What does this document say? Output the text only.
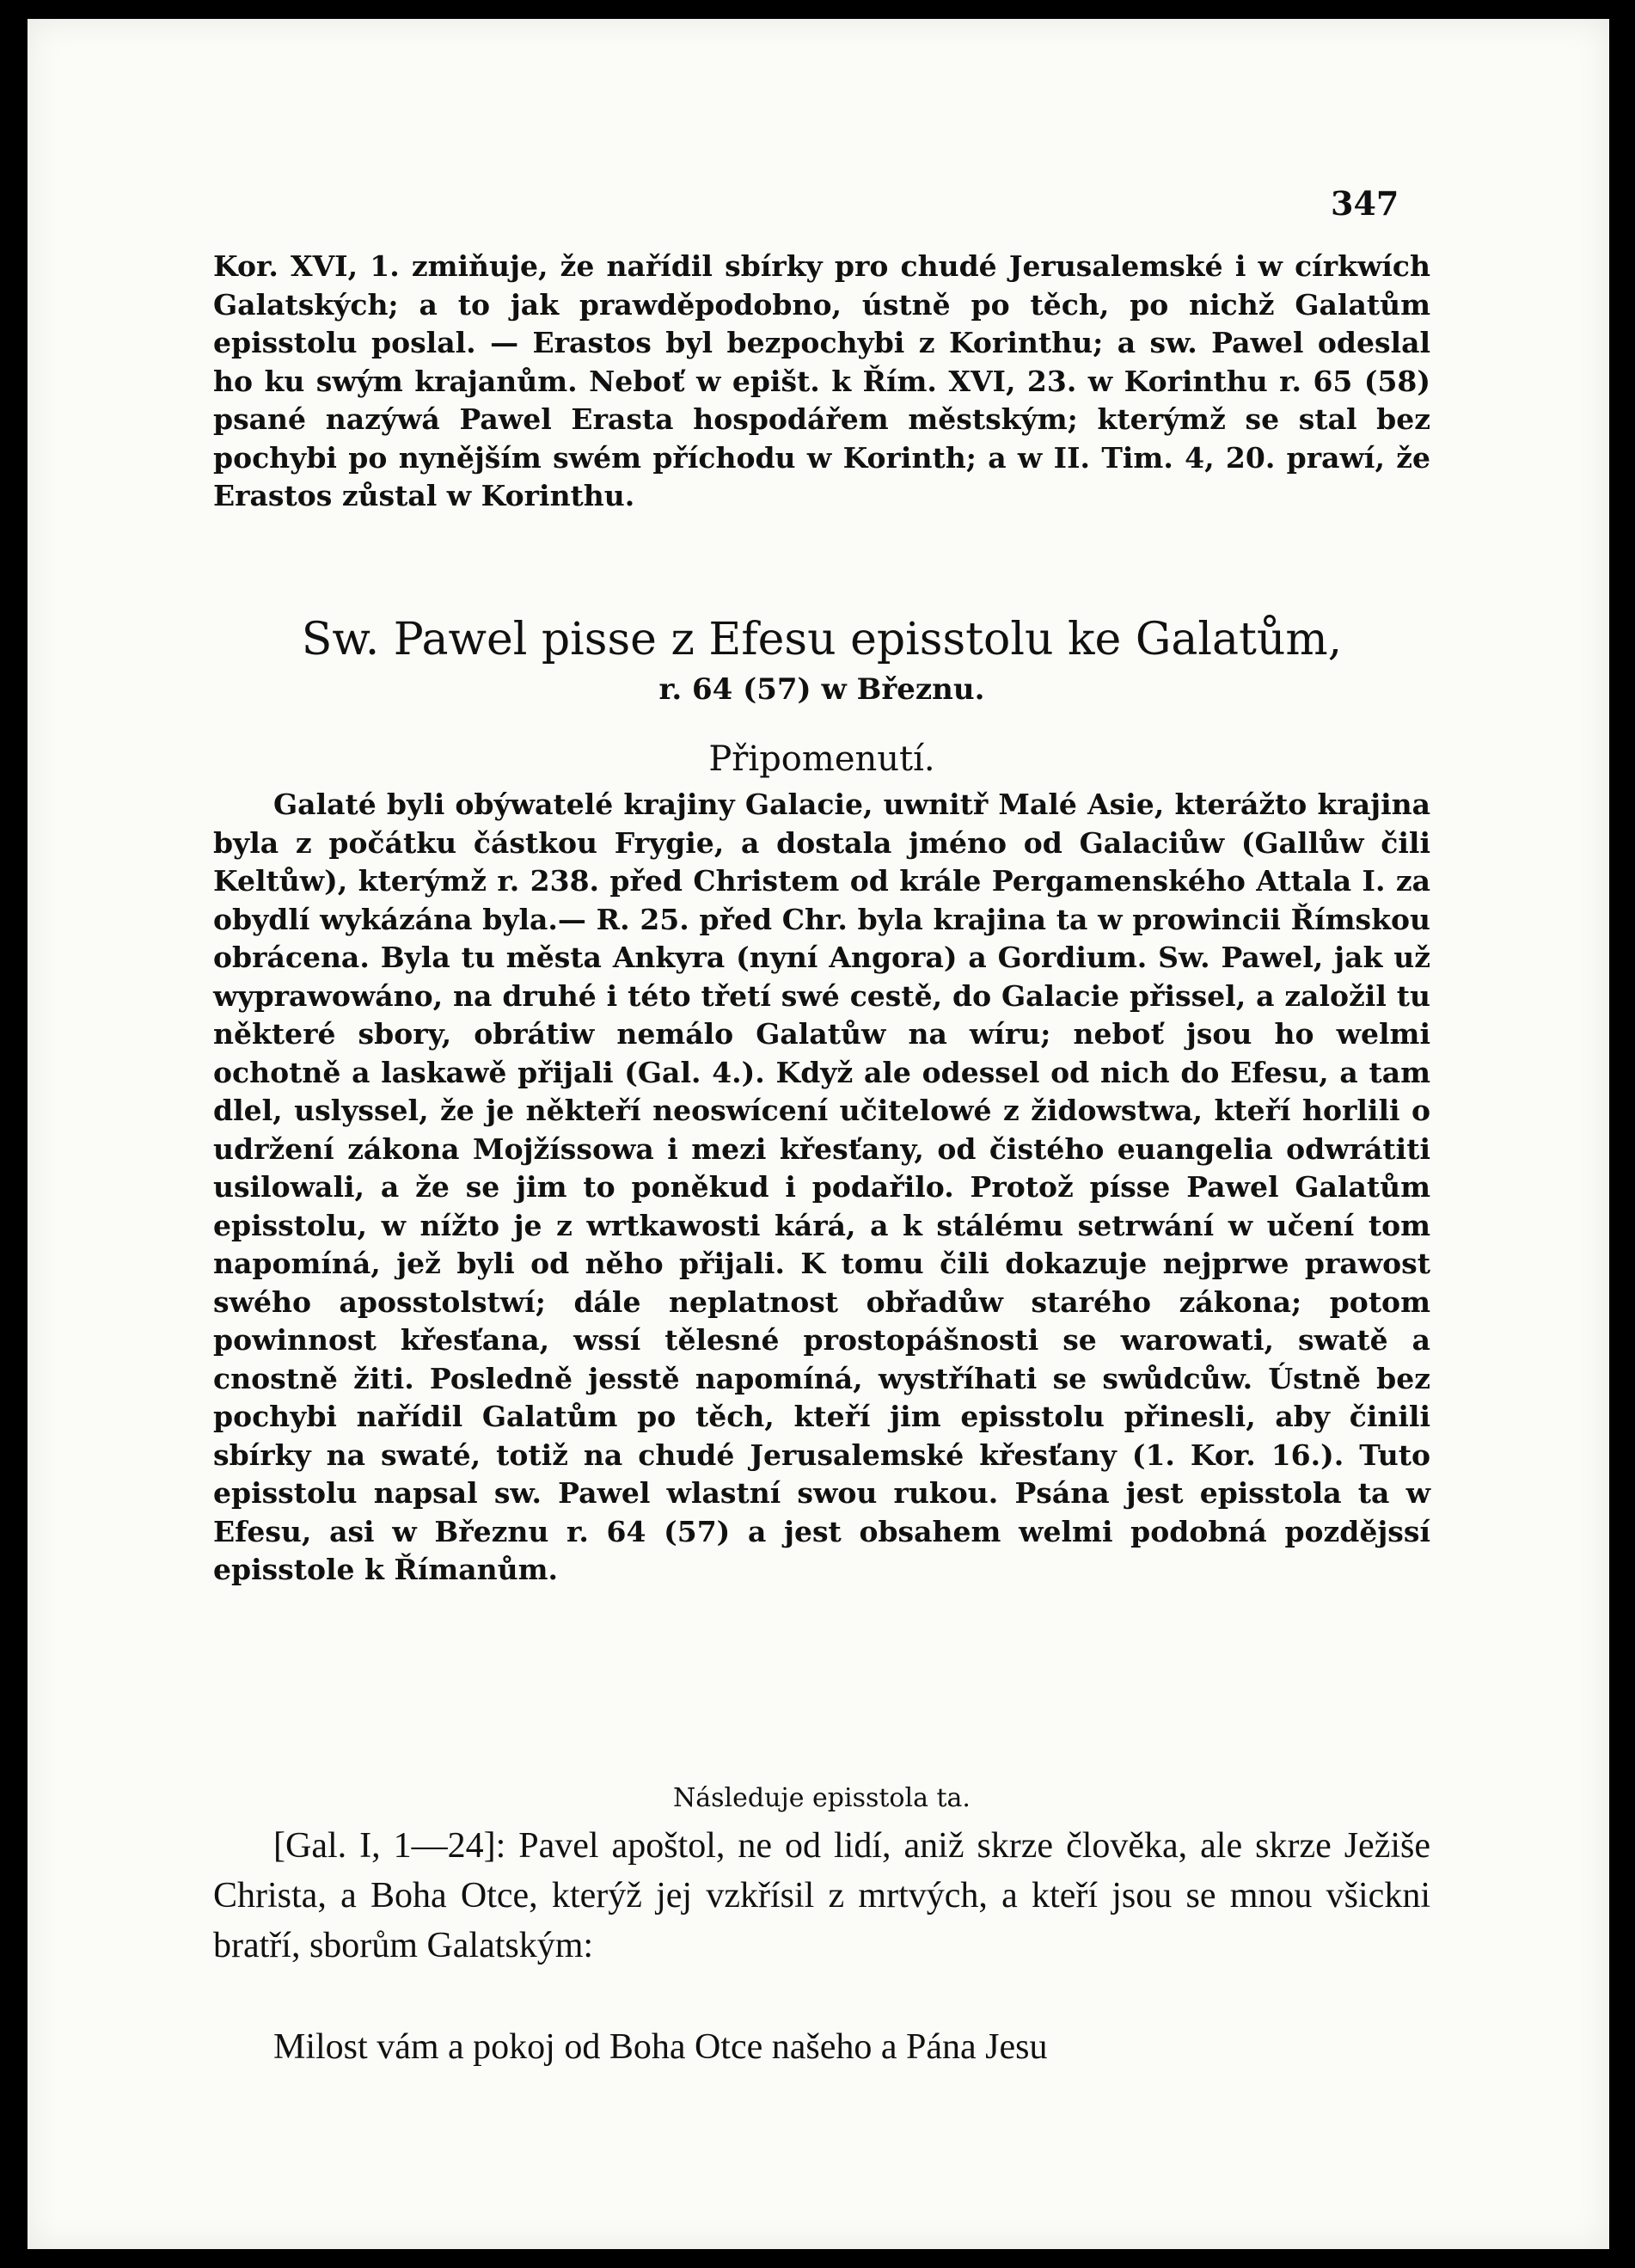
347
Kor. XVI, 1. zmiňuje, že nařídil sbírky pro chudé Jerusalemské i w církwích Galatských; a to jak prawděpodobno, ústně po těch, po nichž Galatům episstolu poslal. — Erastos byl bezpochybi z Korinthu; a sw. Pawel odeslal ho ku swým krajanům. Neboť w epišt. k Řím. XVI, 23. w Korinthu r. 65 (58) psané nazýwá Pawel Erasta hospodářem městským; kterýmž se stal bez pochybi po nynějším swém příchodu w Korinth; a w II. Tim. 4, 20. prawí, že Erastos zůstal w Korinthu.
Sw. Pawel pisse z Efesu episstolu ke Galatům,
r. 64 (57) w Březnu.
Připomenutí.
Galaté byli obýwatelé krajiny Galacie, uwnitř Malé Asie, kterážto krajina byla z počátku částkou Frygie, a dostala jméno od Galaciůw (Gallůw čili Keltůw), kterýmž r. 238. před Christem od krále Pergamenského Attala I. za obydlí wykázána byla.— R. 25. před Chr. byla krajina ta w prowincii Římskou obrácena. Byla tu města Ankyra (nyní Angora) a Gordium. Sw. Pawel, jak už wyprawowáno, na druhé i této třetí swé cestě, do Galacie přissel, a založil tu některé sbory, obrátiw nemálo Galatůw na wíru; neboť jsou ho welmi ochotně a laskawě přijali (Gal. 4.). Když ale odessel od nich do Efesu, a tam dlel, uslyssel, že je někteří neoswícení učitelowé z židowstwa, kteří horlili o udržení zákona Mojžíssowa i mezi křesťany, od čistého euangelia odwrátiti usilowali, a že se jim to poněkud i podařilo. Protož písse Pawel Galatům episstolu, w nížto je z wrtkawosti kárá, a k stálému setrwání w učení tom napomíná, jež byli od něho přijali. K tomu čili dokazuje nejprwe prawost swého aposstolstwí; dále neplatnost obřadůw starého zákona; potom powinnost křesťana, wssí tělesné prostopášnosti se warowati, swatě a cnostně žiti. Posledně jesstě napomíná, wystříhati se swůdcůw. Ústně bez pochybi nařídil Galatům po těch, kteří jim episstolu přinesli, aby činili sbírky na swaté, totiž na chudé Jerusalemské křesťany (1. Kor. 16.). Tuto episstolu napsal sw. Pawel wlastní swou rukou. Psána jest episstola ta w Efesu, asi w Březnu r. 64 (57) a jest obsahem welmi podobná pozdějssí episstole k Římanům.
Následuje episstola ta.
[Gal. I, 1—24]: Pavel apoštol, ne od lidí, aniž skrze člověka, ale skrze Ježiše Christa, a Boha Otce, kterýž jej vzkřísil z mrtvých, a kteří jsou se mnou všickni bratří, sborům Galatským:
Milost vám a pokoj od Boha Otce našeho a Pána Jesu
